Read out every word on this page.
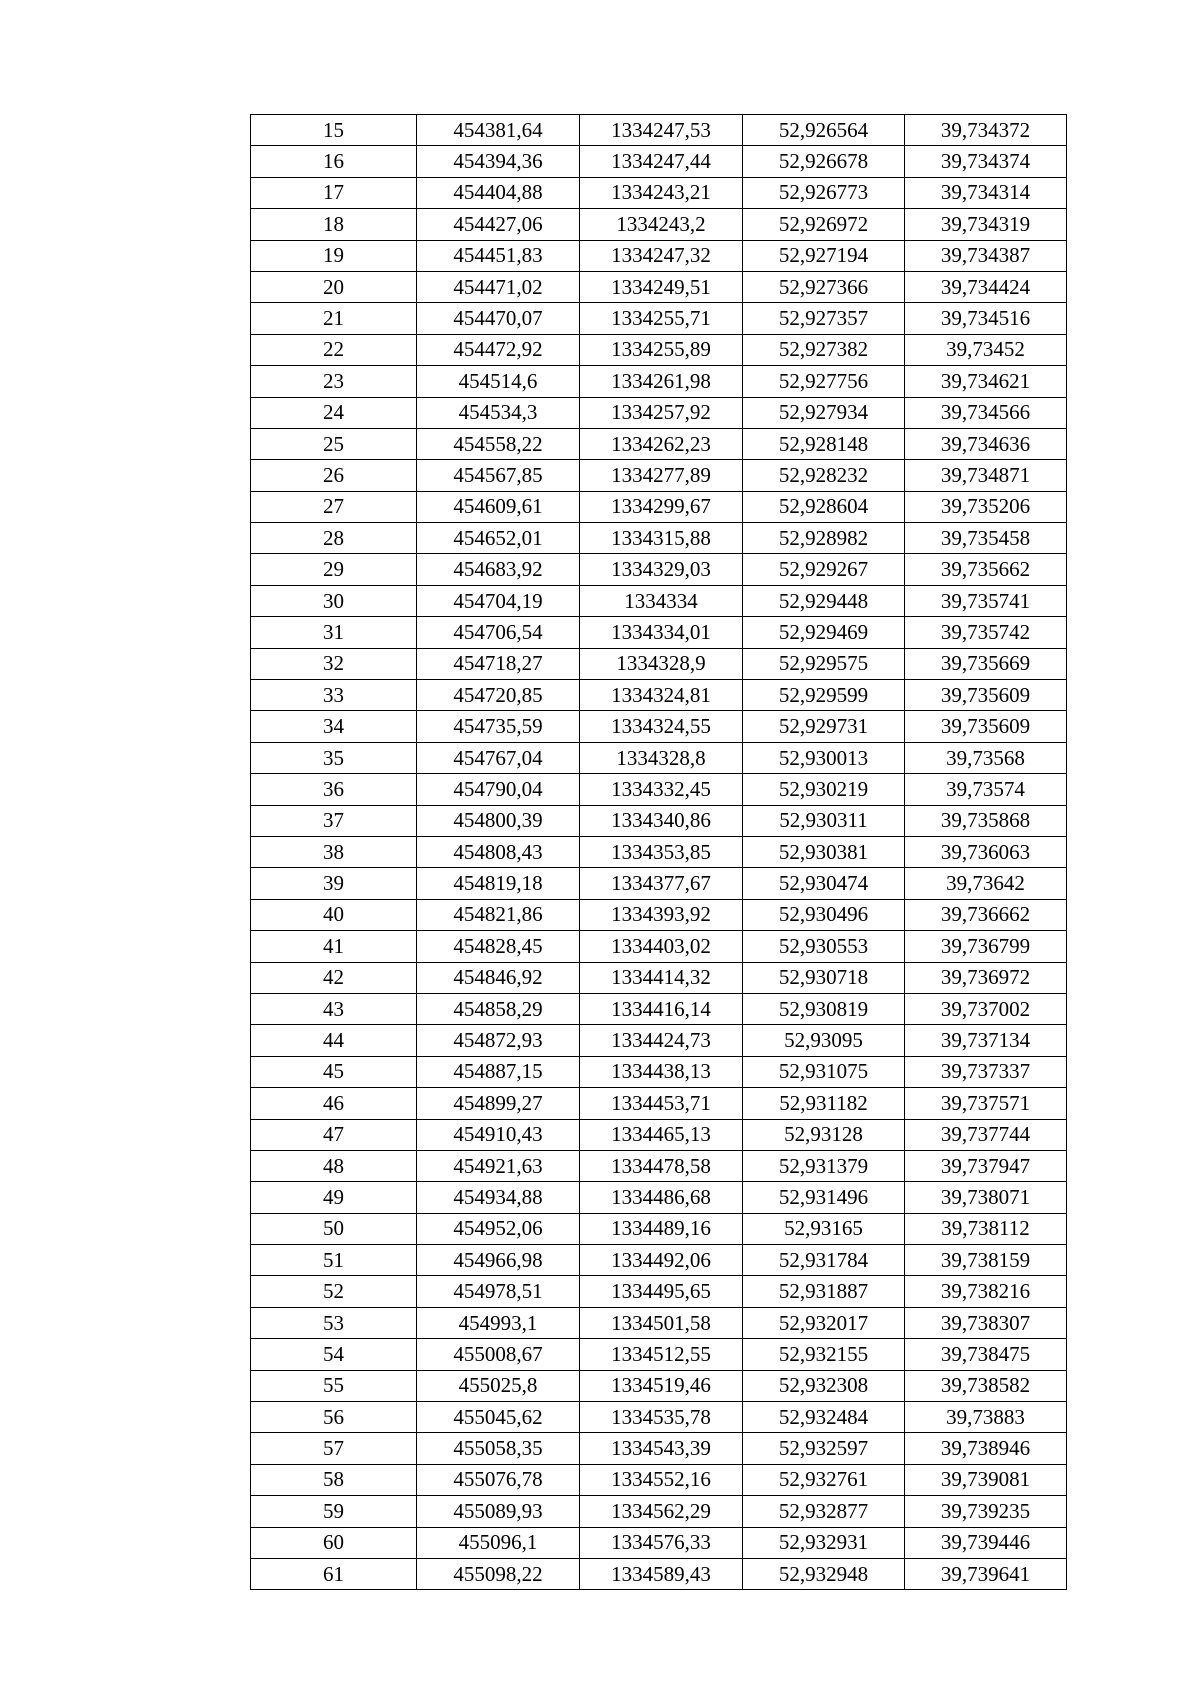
15	454381,64	1334247,53	52,926564	39,734372
16	454394,36	1334247,44	52,926678	39,734374
17	454404,88	1334243,21	52,926773	39,734314
18	454427,06	1334243,2	52,926972	39,734319
19	454451,83	1334247,32	52,927194	39,734387
20	454471,02	1334249,51	52,927366	39,734424
21	454470,07	1334255,71	52,927357	39,734516
22	454472,92	1334255,89	52,927382	39,73452
23	454514,6	1334261,98	52,927756	39,734621
24	454534,3	1334257,92	52,927934	39,734566
25	454558,22	1334262,23	52,928148	39,734636
26	454567,85	1334277,89	52,928232	39,734871
27	454609,61	1334299,67	52,928604	39,735206
28	454652,01	1334315,88	52,928982	39,735458
29	454683,92	1334329,03	52,929267	39,735662
30	454704,19	1334334	52,929448	39,735741
31	454706,54	1334334,01	52,929469	39,735742
32	454718,27	1334328,9	52,929575	39,735669
33	454720,85	1334324,81	52,929599	39,735609
34	454735,59	1334324,55	52,929731	39,735609
35	454767,04	1334328,8	52,930013	39,73568
36	454790,04	1334332,45	52,930219	39,73574
37	454800,39	1334340,86	52,930311	39,735868
38	454808,43	1334353,85	52,930381	39,736063
39	454819,18	1334377,67	52,930474	39,73642
40	454821,86	1334393,92	52,930496	39,736662
41	454828,45	1334403,02	52,930553	39,736799
42	454846,92	1334414,32	52,930718	39,736972
43	454858,29	1334416,14	52,930819	39,737002
44	454872,93	1334424,73	52,93095	39,737134
45	454887,15	1334438,13	52,931075	39,737337
46	454899,27	1334453,71	52,931182	39,737571
47	454910,43	1334465,13	52,93128	39,737744
48	454921,63	1334478,58	52,931379	39,737947
49	454934,88	1334486,68	52,931496	39,738071
50	454952,06	1334489,16	52,93165	39,738112
51	454966,98	1334492,06	52,931784	39,738159
52	454978,51	1334495,65	52,931887	39,738216
53	454993,1	1334501,58	52,932017	39,738307
54	455008,67	1334512,55	52,932155	39,738475
55	455025,8	1334519,46	52,932308	39,738582
56	455045,62	1334535,78	52,932484	39,73883
57	455058,35	1334543,39	52,932597	39,738946
58	455076,78	1334552,16	52,932761	39,739081
59	455089,93	1334562,29	52,932877	39,739235
60	455096,1	1334576,33	52,932931	39,739446
61	455098,22	1334589,43	52,932948	39,739641
